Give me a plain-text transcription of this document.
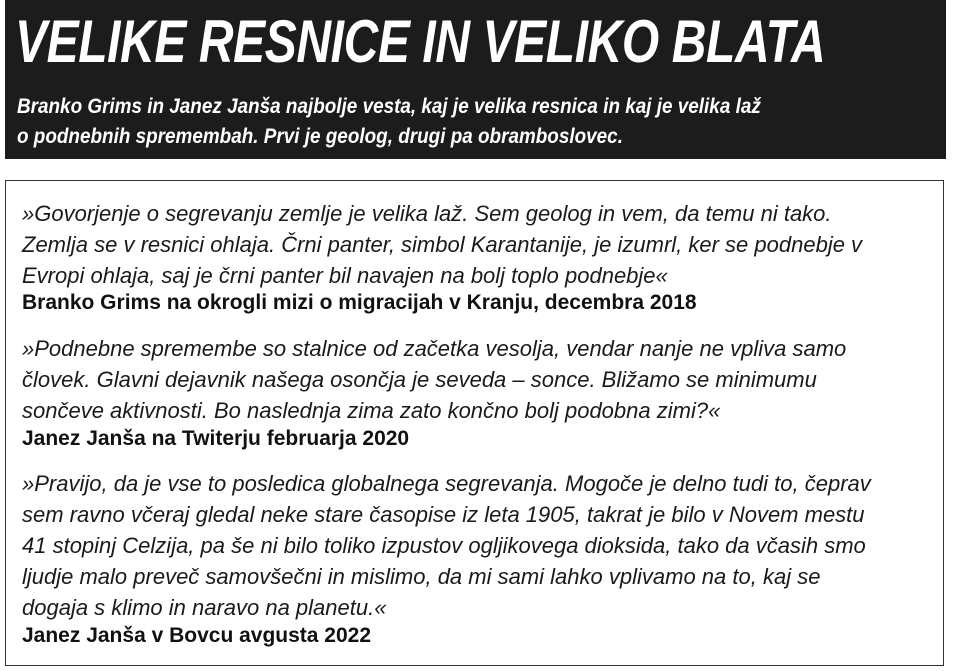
VELIKE RESNICE IN VELIKO BLATA
Branko Grims in Janez Janša najbolje vesta, kaj je velika resnica in kaj je velika laž
o podnebnih spremembah. Prvi je geolog, drugi pa obramboslovec.
»Govorjenje o segrevanju zemlje je velika laž. Sem geolog in vem, da temu ni tako.
Zemlja se v resnici ohlaja. Črni panter, simbol Karantanije, je izumrl, ker se podnebje v
Evropi ohlaja, saj je črni panter bil navajen na bolj toplo podnebje«
Branko Grims na okrogli mizi o migracijah v Kranju, decembra 2018
»Podnebne spremembe so stalnice od začetka vesolja, vendar nanje ne vpliva samo
človek. Glavni dejavnik našega osončja je seveda – sonce. Bližamo se minimumu
sončeve aktivnosti. Bo naslednja zima zato končno bolj podobna zimi?«
Janez Janša na Twiterju februarja 2020
»Pravijo, da je vse to posledica globalnega segrevanja. Mogoče je delno tudi to, čeprav
sem ravno včeraj gledal neke stare časopise iz leta 1905, takrat je bilo v Novem mestu
41 stopinj Celzija, pa še ni bilo toliko izpustov ogljikovega dioksida, tako da včasih smo
ljudje malo preveč samovšečni in mislimo, da mi sami lahko vplivamo na to, kaj se
dogaja s klimo in naravo na planetu.«
Janez Janša v Bovcu avgusta 2022
